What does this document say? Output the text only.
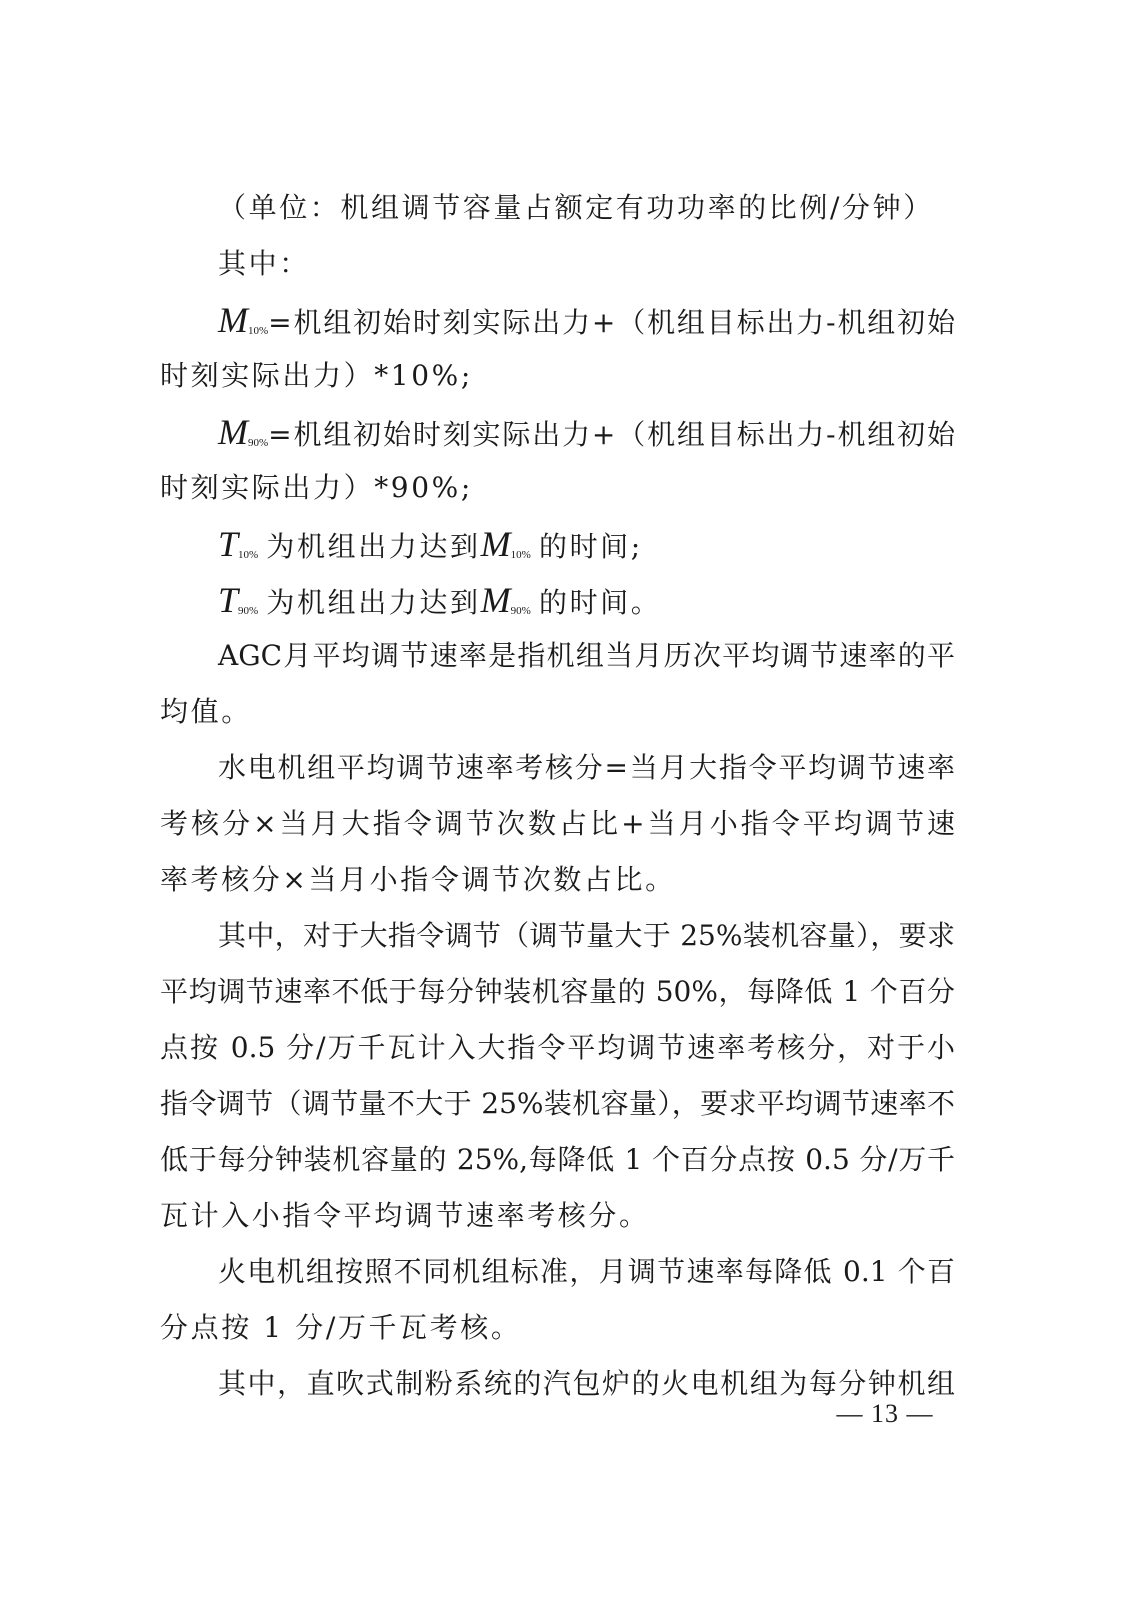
（单位：机组调节容量占额定有功功率的比例/分钟）
其中：
M10%=机组初始时刻实际出力+（机组目标出力-机组初始
时刻实际出力）*10%;
M90%=机组初始时刻实际出力+（机组目标出力-机组初始
时刻实际出力）*90%;
T10%  为机组出力达到M10%  的时间;
T90%  为机组出力达到M90%  的时间。
AGC月平均调节速率是指机组当月历次平均调节速率的平
均值。
水电机组平均调节速率考核分=当月大指令平均调节速率
考核分×当月大指令调节次数占比+当月小指令平均调节速
率考核分×当月小指令调节次数占比。
其中，对于大指令调节（调节量大于 25%装机容量），要求
平均调节速率不低于每分钟装机容量的 50%，每降低 1 个百分
点按 0.5 分/万千瓦计入大指令平均调节速率考核分，对于小
指令调节（调节量不大于 25%装机容量），要求平均调节速率不
低于每分钟装机容量的 25%,每降低 1 个百分点按 0.5 分/万千
瓦计入小指令平均调节速率考核分。
火电机组按照不同机组标准，月调节速率每降低 0.1 个百
分点按 1 分/万千瓦考核。
其中，直吹式制粉系统的汽包炉的火电机组为每分钟机组
— 13 —
